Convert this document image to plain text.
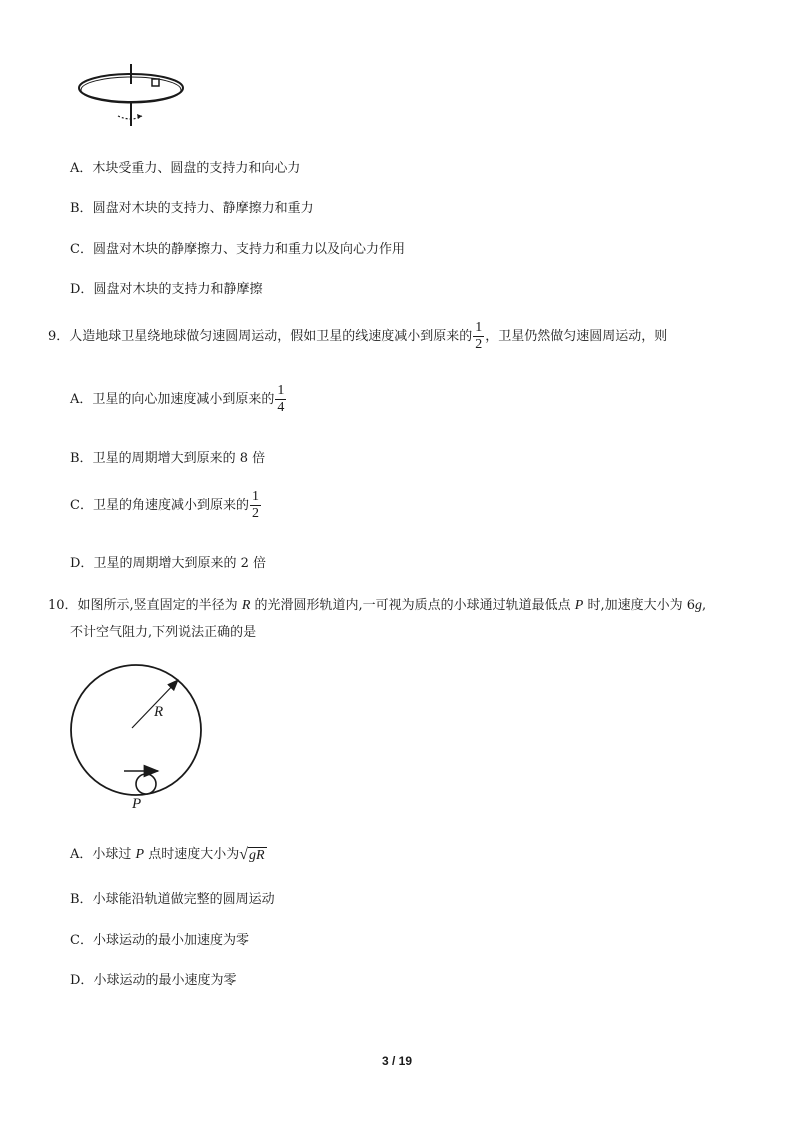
A．木块受重力、圆盘的支持力和向心力
B．圆盘对木块的支持力、静摩擦力和重力
C．圆盘对木块的静摩擦力、支持力和重力以及向心力作用
D．圆盘对木块的支持力和静摩擦
9．人造地球卫星绕地球做匀速圆周运动，假如卫星的线速度减小到原来的 $\frac{1}{2}$ ，卫星仍然做匀速圆周运动，则
A．卫星的向心加速度减小到原来的 $\frac{1}{4}$
B．卫星的周期增大到原来的 8 倍
C．卫星的角速度减小到原来的 $\frac{1}{2}$
D．卫星的周期增大到原来的 2 倍
10．如图所示,竖直固定的半径为 R 的光滑圆形轨道内,一可视为质点的小球通过轨道最低点 P 时,加速度大小为 6g,
不计空气阻力,下列说法正确的是
R
P
A．小球过 P 点时速度大小为√gR
B．小球能沿轨道做完整的圆周运动
C．小球运动的最小加速度为零
D．小球运动的最小速度为零
3 / 19
